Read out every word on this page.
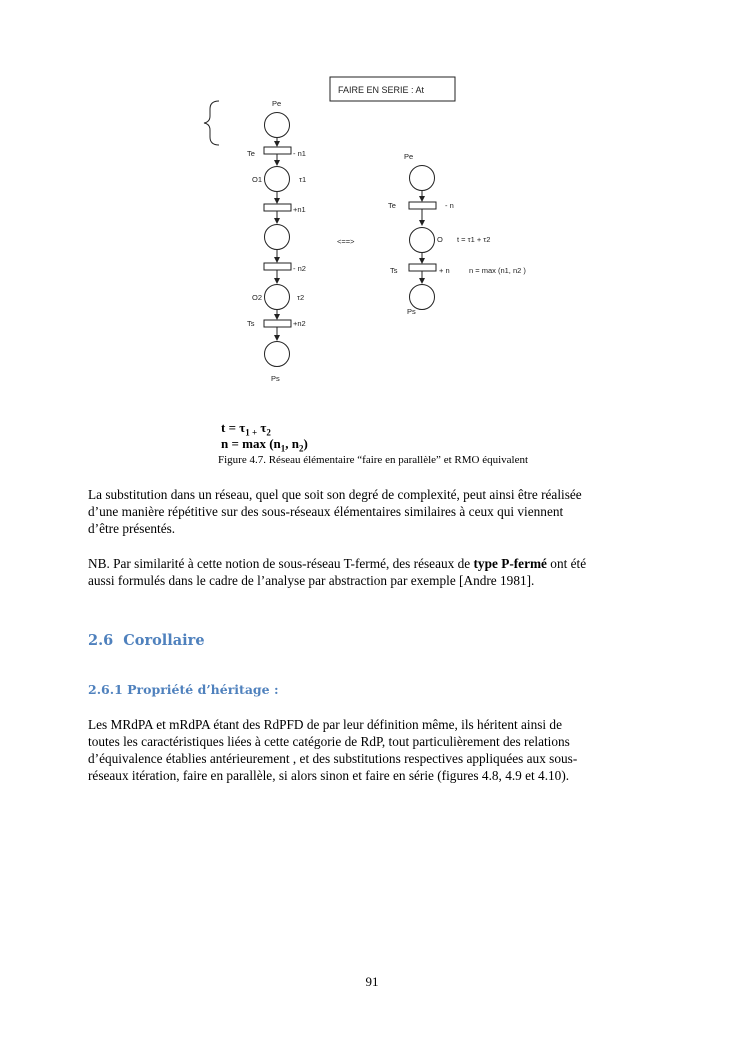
FAIRE EN SERIE : At
Pe
Te	- n1
O1	τ1
+n1
- n2
O2	τ2
Ts	+n2
Ps
<==>
Pe
Te	- n
O t = τ1 + τ2
Ts	+ n	n = max (n1, n2 )
Ps
$t = \tau_{1 +}$ $\tau_2$
$n = \max (n_1$, $n_2$)
Figure 4.7. Réseau élémentaire “faire en parallèle” et RMO équivalent
La substitution dans un réseau, quel que soit son degré de complexité, peut ainsi être réalisée
d’une manière répétitive sur des sous-réseaux élémentaires similaires à ceux qui viennent
d’être présentés.
NB. Par similarité à cette notion de sous-réseau T-fermé, des réseaux de type P-fermé ont été
aussi formulés dans le cadre de l’analyse par abstraction par exemple [Andre 1981].
2.6 Corollaire
2.6.1 Propriété d’héritage :
Les MRdPA et mRdPA étant des RdPFD de par leur définition même, ils héritent ainsi de
toutes les caractéristiques liées à cette catégorie de RdP, tout particulièrement des relations
d’équivalence établies antérieurement , et des substitutions respectives appliquées aux sous-
réseaux itération, faire en parallèle, si alors sinon et faire en série (figures 4.8, 4.9 et 4.10).
91
